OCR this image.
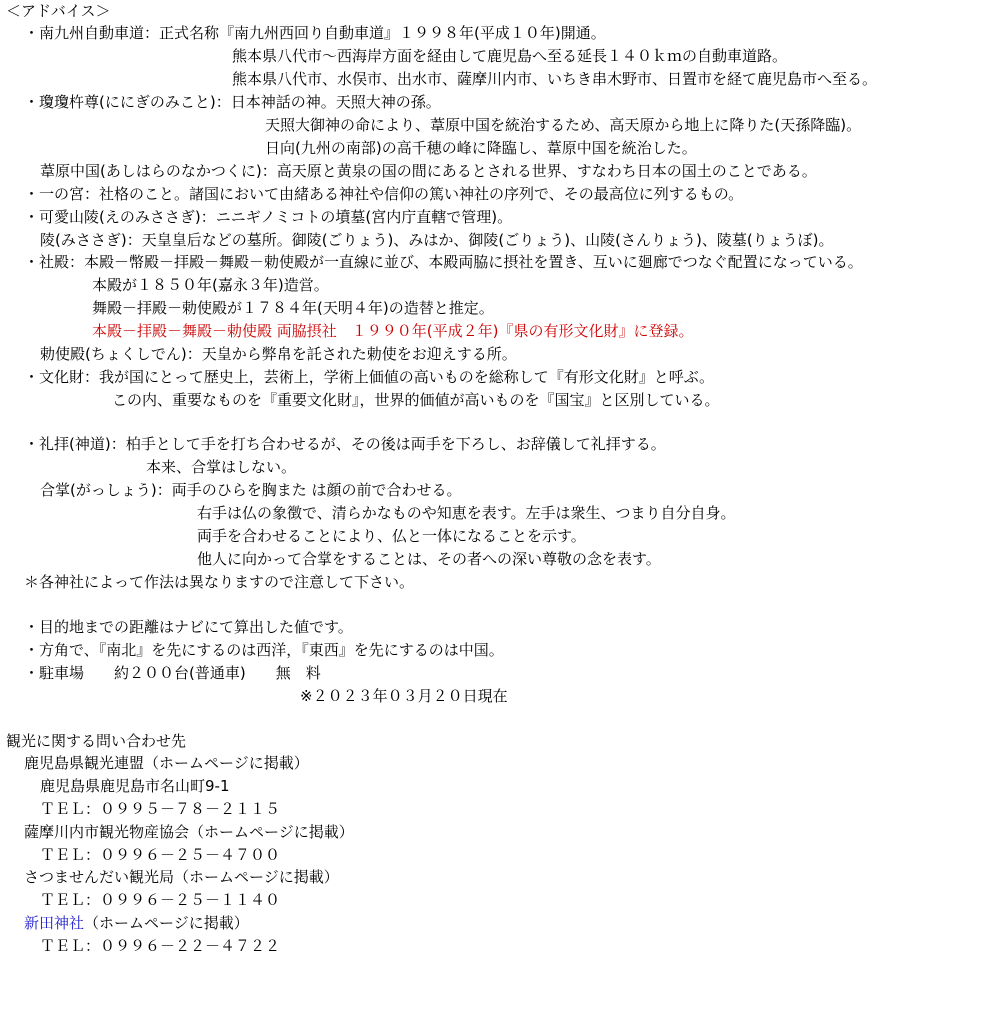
＜アドバイス＞
・南九州自動車道：正式名称『南九州西回り自動車道』１９９８年(平成１０年)開通。
熊本県八代市～西海岸方面を経由して鹿児島へ至る延長１４０ｋｍの自動車道路。
熊本県八代市、水俣市、出水市、薩摩川内市、いちき串木野市、日置市を経て鹿児島市へ至る。
・瓊瓊杵尊(ににぎのみこと)：日本神話の神。天照大神の孫。
天照大御神の命により、葦原中国を統治するため、高天原から地上に降りた(天孫降臨)。
日向(九州の南部)の高千穂の峰に降臨し、葦原中国を統治した。
葦原中国(あしはらのなかつくに)：高天原と黄泉の国の間にあるとされる世界、すなわち日本の国土のことである。
・一の宮：社格のこと。諸国において由緒ある神社や信仰の篤い神社の序列で、その最高位に列するもの。
・可愛山陵(えのみささぎ)：ニニギノミコトの墳墓(宮内庁直轄で管理)。
陵(みささぎ)：天皇皇后などの墓所。御陵(ごりょう)、みはか、御陵(ごりょう)、山陵(さんりょう)、陵墓(りょうぼ)。
・社殿：本殿－幣殿－拝殿－舞殿－勅使殿が一直線に並び、本殿両脇に摂社を置き、互いに廻廊でつなぐ配置になっている。
本殿が１８５０年(嘉永３年)造営。
舞殿－拝殿－勅使殿が１７８４年(天明４年)の造替と推定。
本殿－拝殿－舞殿－勅使殿 両脇摂社　１９９０年(平成２年)『県の有形文化財』に登録。
勅使殿(ちょくしでん)：天皇から弊帛を託された勅使をお迎えする所。
・文化財：我が国にとって歴史上，芸術上，学術上価値の高いものを総称して『有形文化財』と呼ぶ。
この内、重要なものを『重要文化財』，世界的価値が高いものを『国宝』と区別している。
・礼拝(神道)：柏手として手を打ち合わせるが、その後は両手を下ろし、お辞儀して礼拝する。
本来、合掌はしない。
合掌(がっしょう)：両手のひらを胸また は顔の前で合わせる。
右手は仏の象徴で、清らかなものや知恵を表す。左手は衆生、つまり自分自身。
両手を合わせることにより、仏と一体になることを示す。
他人に向かって合掌をすることは、その者への深い尊敬の念を表す。
＊各神社によって作法は異なりますので注意して下さい。
・目的地までの距離はナビにて算出した値です。
・方角で、『南北』を先にするのは西洋，『東西』を先にするのは中国。
・駐車場　　約２００台(普通車)　　無　料
※２０２３年０３月２０日現在
観光に関する問い合わせ先
鹿児島県観光連盟（ホームページに掲載）
鹿児島県鹿児島市名山町9-1
ＴＥＬ：０９９５－７８－２１１５
薩摩川内市観光物産協会（ホームページに掲載）
ＴＥＬ：０９９６－２５－４７００
さつませんだい観光局（ホームページに掲載）
ＴＥＬ：０９９６－２５－１１４０
新田神社（ホームページに掲載）
ＴＥＬ：０９９６－２２－４７２２
